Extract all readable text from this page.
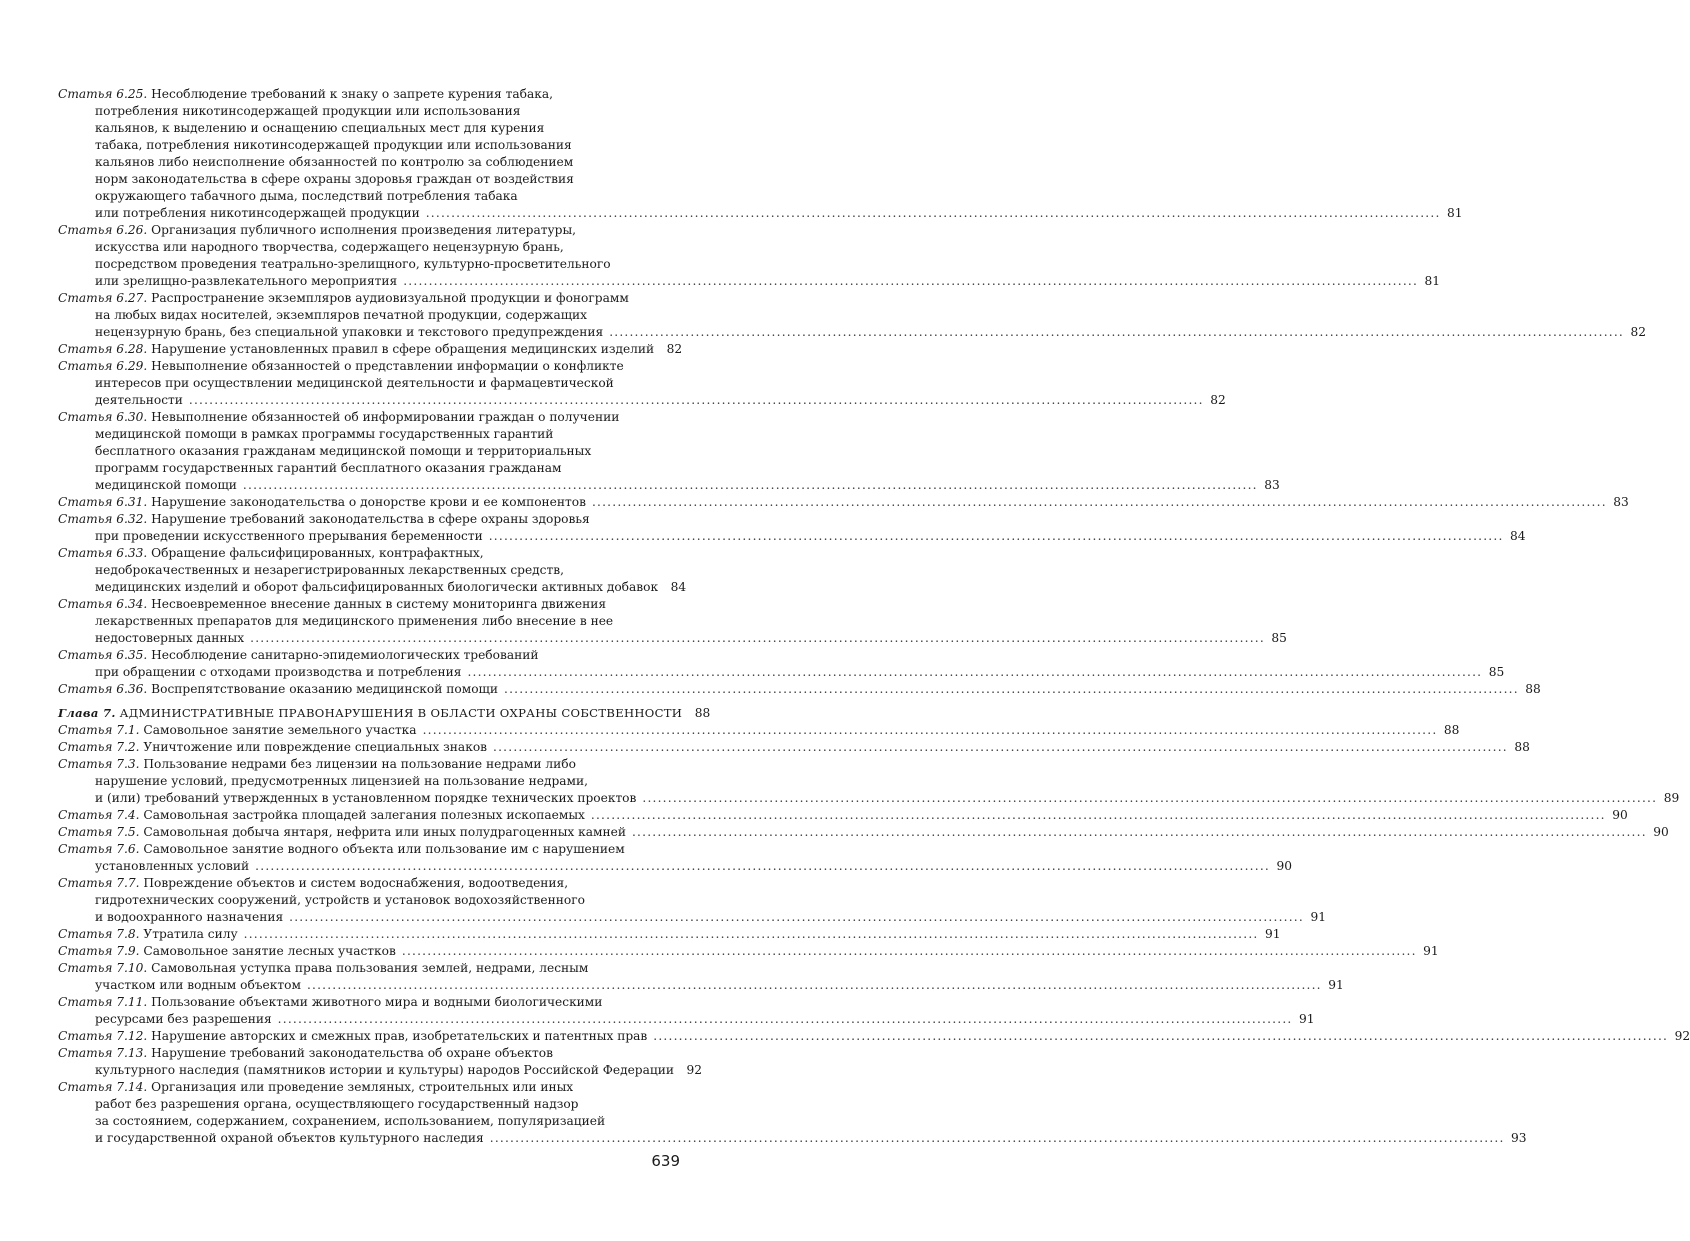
Статья 6.25. Несоблюдение требований к знаку о запрете курения табака,
потребления никотинсодержащей продукции или использования
кальянов, к выделению и оснащению специальных мест для курения
табака, потребления никотинсодержащей продукции или использования
кальянов либо неисполнение обязанностей по контролю за соблюдением
норм законодательства в сфере охраны здоровья граждан от воздействия
окружающего табачного дыма, последствий потребления табака
или потребления никотинсодержащей продукции ........................................................................................................................................................................................................ 81
Статья 6.26. Организация публичного исполнения произведения литературы,
искусства или народного творчества, содержащего нецензурную брань,
посредством проведения театрально-зрелищного, культурно-просветительного
или зрелищно-развлекательного мероприятия ........................................................................................................................................................................................................ 81
Статья 6.27. Распространение экземпляров аудиовизуальной продукции и фонограмм
на любых видах носителей, экземпляров печатной продукции, содержащих
нецензурную брань, без специальной упаковки и текстового предупреждения ........................................................................................................................................................................................................ 82
Статья 6.28. Нарушение установленных правил в сфере обращения медицинских изделий 82
Статья 6.29. Невыполнение обязанностей о представлении информации о конфликте
интересов при осуществлении медицинской деятельности и фармацевтической
деятельности ........................................................................................................................................................................................................ 82
Статья 6.30. Невыполнение обязанностей об информировании граждан о получении
медицинской помощи в рамках программы государственных гарантий
бесплатного оказания гражданам медицинской помощи и территориальных
программ государственных гарантий бесплатного оказания гражданам
медицинской помощи ........................................................................................................................................................................................................ 83
Статья 6.31. Нарушение законодательства о донорстве крови и ее компонентов ........................................................................................................................................................................................................ 83
Статья 6.32. Нарушение требований законодательства в сфере охраны здоровья
при проведении искусственного прерывания беременности ........................................................................................................................................................................................................ 84
Статья 6.33. Обращение фальсифицированных, контрафактных,
недоброкачественных и незарегистрированных лекарственных средств,
медицинских изделий и оборот фальсифицированных биологически активных добавок 84
Статья 6.34. Несвоевременное внесение данных в систему мониторинга движения
лекарственных препаратов для медицинского применения либо внесение в нее
недостоверных данных ........................................................................................................................................................................................................ 85
Статья 6.35. Несоблюдение санитарно-эпидемиологических требований
при обращении с отходами производства и потребления ........................................................................................................................................................................................................ 85
Статья 6.36. Воспрепятствование оказанию медицинской помощи ........................................................................................................................................................................................................ 88
Глава 7. АДМИНИСТРАТИВНЫЕ ПРАВОНАРУШЕНИЯ В ОБЛАСТИ ОХРАНЫ СОБСТВЕННОСТИ 88
Статья 7.1. Самовольное занятие земельного участка ........................................................................................................................................................................................................ 88
Статья 7.2. Уничтожение или повреждение специальных знаков ........................................................................................................................................................................................................ 88
Статья 7.3. Пользование недрами без лицензии на пользование недрами либо
нарушение условий, предусмотренных лицензией на пользование недрами,
и (или) требований утвержденных в установленном порядке технических проектов ........................................................................................................................................................................................................ 89
Статья 7.4. Самовольная застройка площадей залегания полезных ископаемых ........................................................................................................................................................................................................ 90
Статья 7.5. Самовольная добыча янтаря, нефрита или иных полудрагоценных камней ........................................................................................................................................................................................................ 90
Статья 7.6. Самовольное занятие водного объекта или пользование им с нарушением
установленных условий ........................................................................................................................................................................................................ 90
Статья 7.7. Повреждение объектов и систем водоснабжения, водоотведения,
гидротехнических сооружений, устройств и установок водохозяйственного
и водоохранного назначения ........................................................................................................................................................................................................ 91
Статья 7.8. Утратила силу ........................................................................................................................................................................................................ 91
Статья 7.9. Самовольное занятие лесных участков ........................................................................................................................................................................................................ 91
Статья 7.10. Самовольная уступка права пользования землей, недрами, лесным
участком или водным объектом ........................................................................................................................................................................................................ 91
Статья 7.11. Пользование объектами животного мира и водными биологическими
ресурсами без разрешения ........................................................................................................................................................................................................ 91
Статья 7.12. Нарушение авторских и смежных прав, изобретательских и патентных прав ........................................................................................................................................................................................................ 92
Статья 7.13. Нарушение требований законодательства об охране объектов
культурного наследия (памятников истории и культуры) народов Российской Федерации 92
Статья 7.14. Организация или проведение земляных, строительных или иных
работ без разрешения органа, осуществляющего государственный надзор
за состоянием, содержанием, сохранением, использованием, популяризацией
и государственной охраной объектов культурного наследия ........................................................................................................................................................................................................ 93
639
